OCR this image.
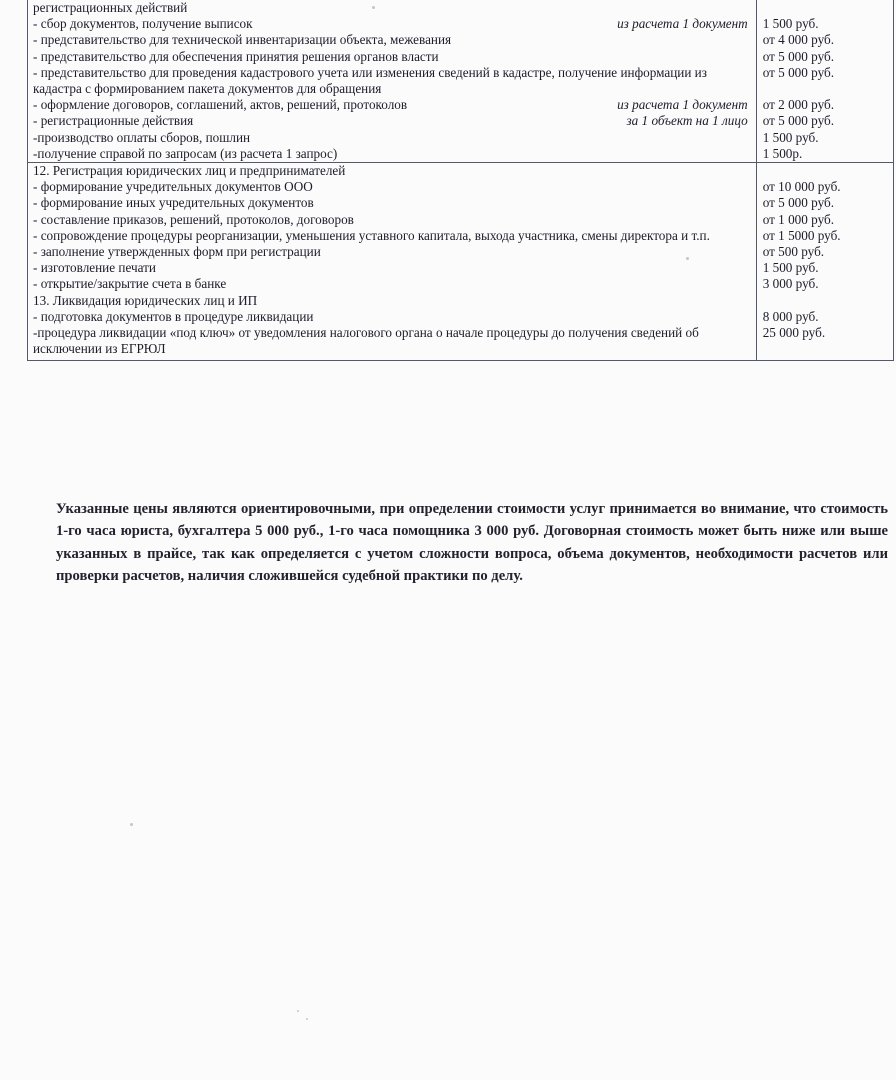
регистрационных действий	

- сбор документов, получение выписок из расчета 1 документ	1 500 руб.
- представительство для технической инвентаризации объекта, межевания	от 4 000 руб.
- представительство для обеспечения принятия решения органов власти	от 5 000 руб.
- представительство для проведения кадастрового учета или изменения сведений в кадастре, получение информации из кадастра с формированием пакета документов для обращения	от 5 000 руб.

- оформление договоров, соглашений, актов, решений, протоколов из расчета 1 документ	от 2 000 руб.

- регистрационные действия за 1 объект на 1 лицо	от 5 000 руб.
-производство оплаты сборов, пошлин	1 500 руб.
-получение справой по запросам (из расчета 1 запрос)	1 500р.
12. Регистрация юридических лиц и предпринимателей	
- формирование учредительных документов ООО	от 10 000 руб.
- формирование иных учредительных документов	от 5 000 руб.
- составление приказов, решений, протоколов, договоров	от 1 000 руб.
- сопровождение процедуры реорганизации, уменьшения уставного капитала, выхода участника, смены директора и т.п.	от 1 5000 руб.
- заполнение утвержденных форм при регистрации	от 500 руб.
- изготовление печати	1 500 руб.
- открытие/закрытие счета в банке	3 000 руб.
13. Ликвидация юридических лиц и ИП	
- подготовка документов в процедуре ликвидации	8 000 руб.
-процедура ликвидации «под ключ» от уведомления налогового органа о начале процедуры до получения сведений об исключении из ЕГРЮЛ	25 000 руб.
Указанные цены являются ориентировочными, при определении стоимости услуг принимается во внимание, что стоимость 1-го часа юриста, бухгалтера 5 000 руб., 1-го часа помощника 3 000 руб. Договорная стоимость может быть ниже или выше указанных в прайсе, так как определяется с учетом сложности вопроса, объема документов, необходимости расчетов или проверки расчетов, наличия сложившейся судебной практики по делу.
